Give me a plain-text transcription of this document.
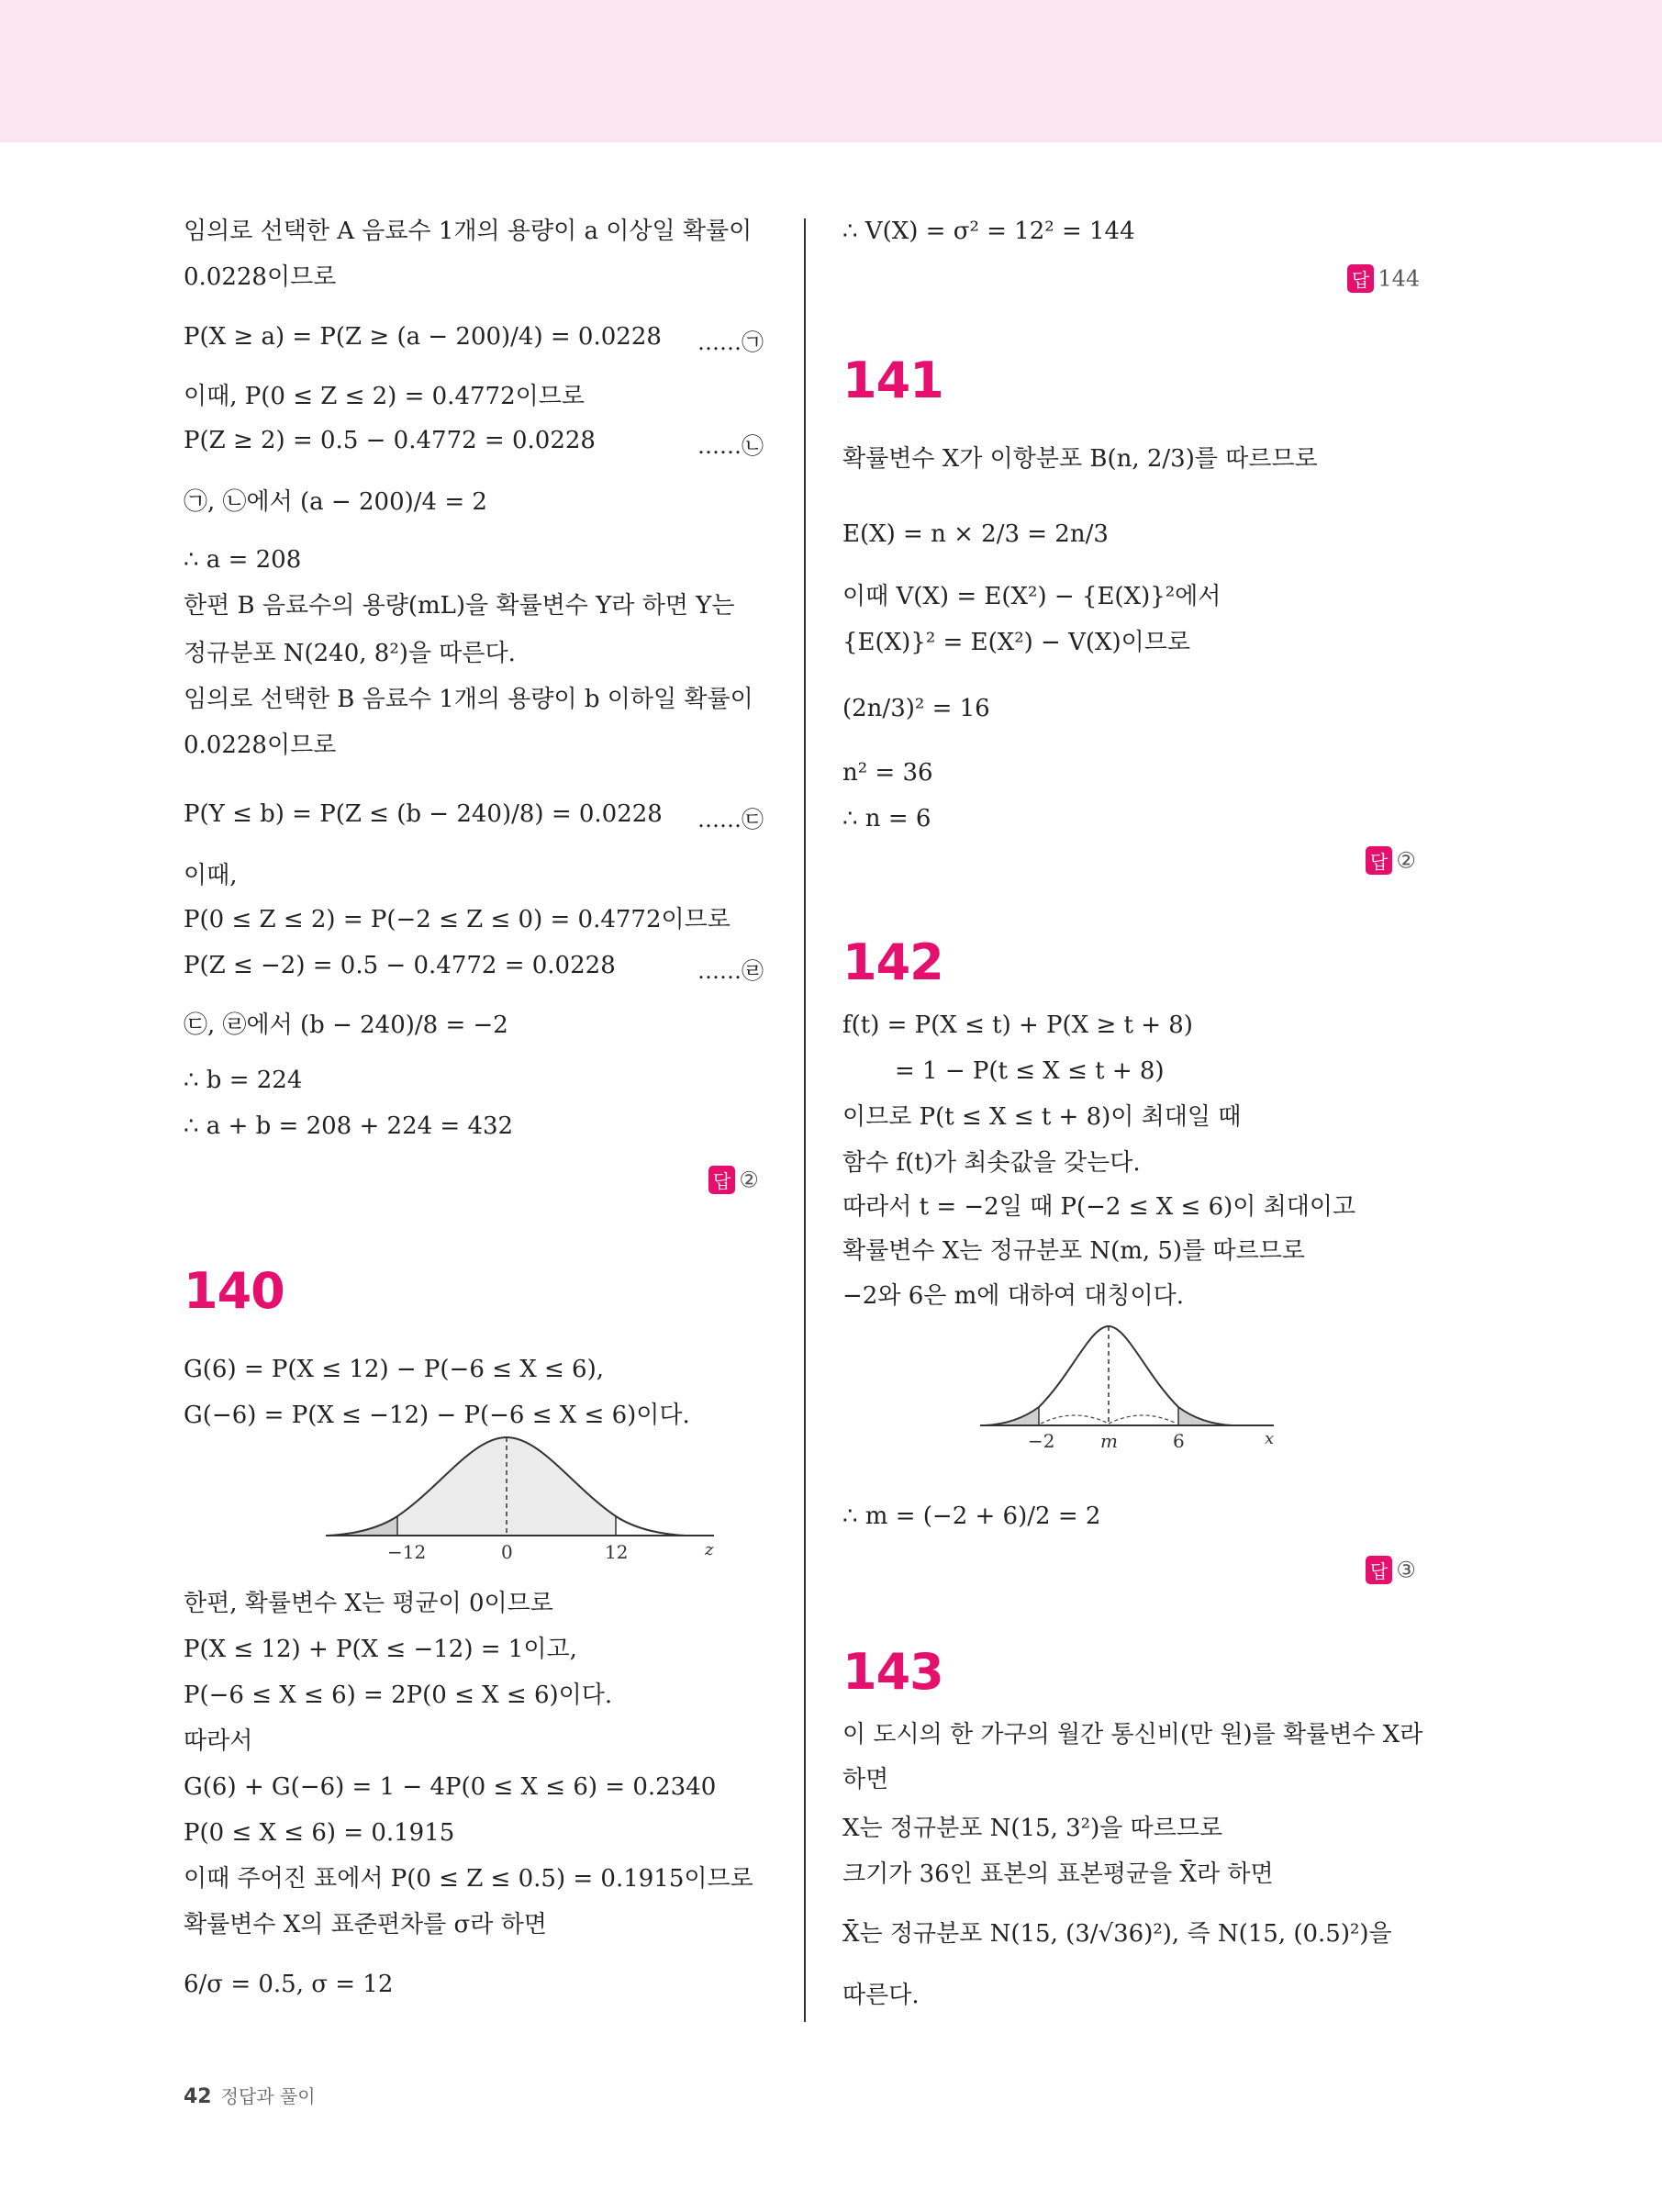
임의로 선택한 A 음료수 1개의 용량이 a 이상일 확률이
0.0228이므로
P(X ≥ a) = P(Z ≥ (a − 200)/4) = 0.0228 ……㉠
이때, P(0 ≤ Z ≤ 2) = 0.4772이므로
P(Z ≥ 2) = 0.5 − 0.4772 = 0.0228	……㉡
㉠, ㉡에서 (a − 200)/4 = 2
∴ a = 208
한편 B 음료수의 용량(mL)을 확률변수 Y라 하면 Y는
정규분포 N(240, 8²)을 따른다.
임의로 선택한 B 음료수 1개의 용량이 b 이하일 확률이
0.0228이므로
P(Y ≤ b) = P(Z ≤ (b − 240)/8) = 0.0228 ……㉢
이때,
P(0 ≤ Z ≤ 2) = P(−2 ≤ Z ≤ 0) = 0.4772이므로
P(Z ≤ −2) = 0.5 − 0.4772 = 0.0228	……㉣
㉢, ㉣에서 (b − 240)/8 = −2
∴ b = 224
∴ a + b = 208 + 224 = 432
답 ②
140
G(6) = P(X ≤ 12) − P(−6 ≤ X ≤ 6),
G(−6) = P(X ≤ −12) − P(−6 ≤ X ≤ 6)이다.
−12	0	12	z
한편, 확률변수 X는 평균이 0이므로
P(X ≤ 12) + P(X ≤ −12) = 1이고,
P(−6 ≤ X ≤ 6) = 2P(0 ≤ X ≤ 6)이다.
따라서
G(6) + G(−6) = 1 − 4P(0 ≤ X ≤ 6) = 0.2340
P(0 ≤ X ≤ 6) = 0.1915
이때 주어진 표에서 P(0 ≤ Z ≤ 0.5) = 0.1915이므로
확률변수 X의 표준편차를 σ라 하면
6/σ = 0.5, σ = 12
∴ V(X) = σ² = 12² = 144
답 144
141
확률변수 X가 이항분포 B(n, 2/3)를 따르므로
E(X) = n × 2/3 = 2n/3
이때 V(X) = E(X²) − {E(X)}²에서
{E(X)}² = E(X²) − V(X)이므로
(2n/3)² = 16
n² = 36
∴ n = 6
답 ②
142
f(t) = P(X ≤ t) + P(X ≥ t + 8)
= 1 − P(t ≤ X ≤ t + 8)
이므로 P(t ≤ X ≤ t + 8)이 최대일 때
함수 f(t)가 최솟값을 갖는다.
따라서 t = −2일 때 P(−2 ≤ X ≤ 6)이 최대이고
확률변수 X는 정규분포 N(m, 5)를 따르므로
−2와 6은 m에 대하여 대칭이다.
−2 m	6	x
∴ m = (−2 + 6)/2 = 2
답 ③
143
이 도시의 한 가구의 월간 통신비(만 원)를 확률변수 X라
하면
X는 정규분포 N(15, 3²)을 따르므로
크기가 36인 표본의 표본평균을 X̄라 하면
X̄는 정규분포 N(15, (3/√36)²), 즉 N(15, (0.5)²)을
따른다.
42 정답과 풀이
